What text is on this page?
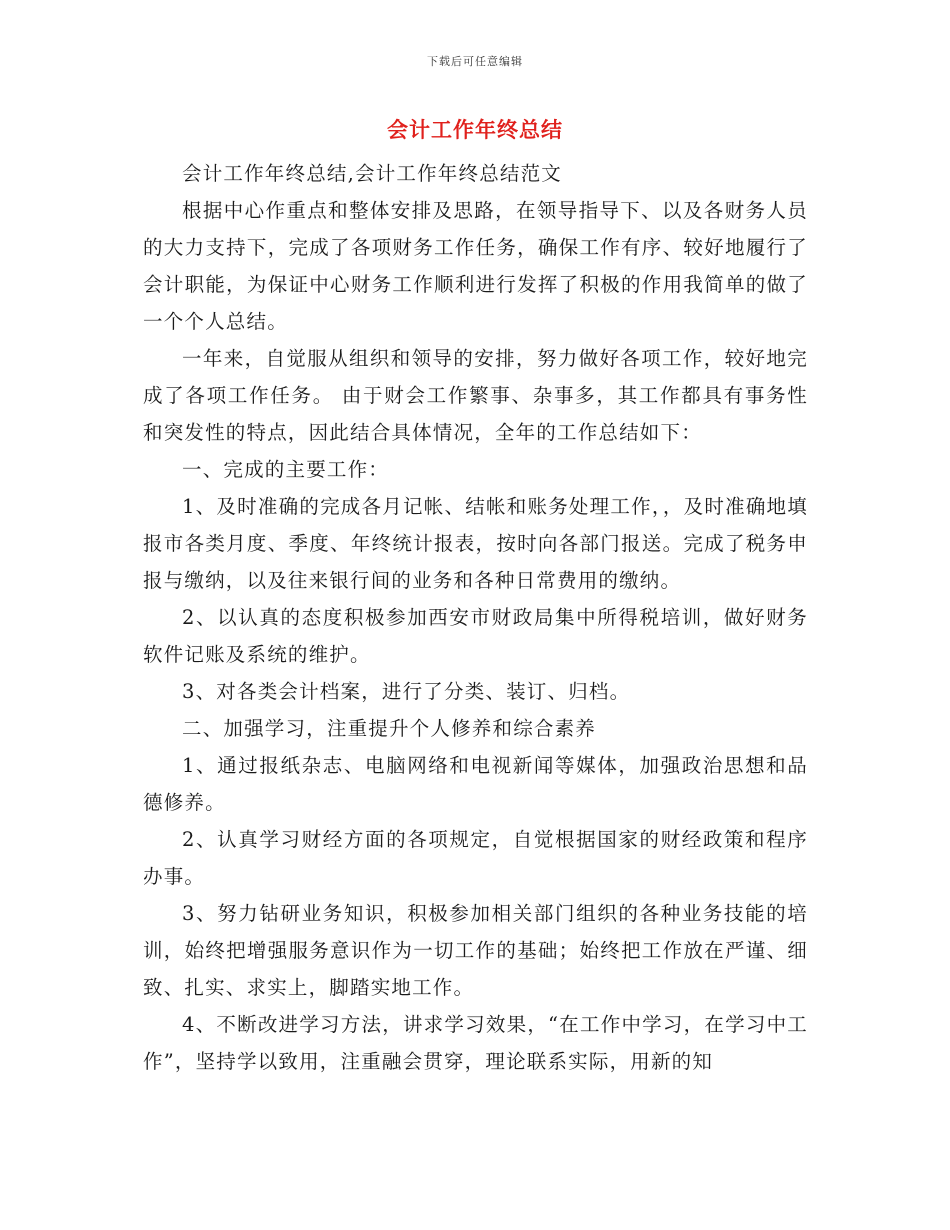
下载后可任意编辑
会计工作年终总结

会计工作年终总结,会计工作年终总结范文

根据中心作重点和整体安排及思路，在领导指导下、以及各财务人员的大力支持下，完成了各项财务工作任务，确保工作有序、较好地履行了会计职能，为保证中心财务工作顺利进行发挥了积极的作用我简单的做了一个个人总结。

一年来，自觉服从组织和领导的安排，努力做好各项工作，较好地完成了各项工作任务。 由于财会工作繁事、杂事多，其工作都具有事务性和突发性的特点，因此结合具体情况，全年的工作总结如下：

一、完成的主要工作：

1、及时准确的完成各月记帐、结帐和账务处理工作，，及时准确地填报市各类月度、季度、年终统计报表，按时向各部门报送。完成了税务申报与缴纳，以及往来银行间的业务和各种日常费用的缴纳。

2、以认真的态度积极参加西安市财政局集中所得税培训，做好财务软件记账及系统的维护。

3、对各类会计档案，进行了分类、装订、归档。

二、加强学习，注重提升个人修养和综合素养

1、通过报纸杂志、电脑网络和电视新闻等媒体，加强政治思想和品德修养。

2、认真学习财经方面的各项规定，自觉根据国家的财经政策和程序办事。

3、努力钻研业务知识，积极参加相关部门组织的各种业务技能的培训，始终把增强服务意识作为一切工作的基础；始终把工作放在严谨、细致、扎实、求实上，脚踏实地工作。

4、不断改进学习方法，讲求学习效果，“在工作中学习，在学习中工作”，坚持学以致用，注重融会贯穿，理论联系实际，用新的知
